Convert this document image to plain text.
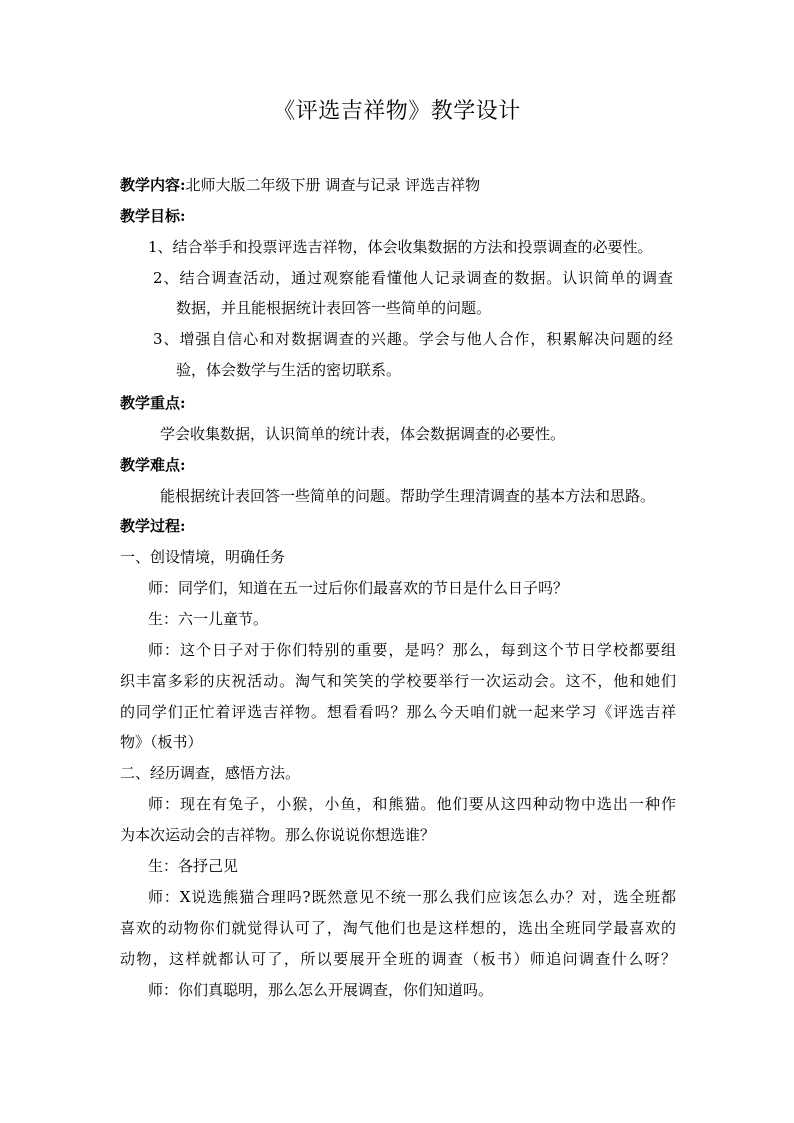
《评选吉祥物》教学设计
教学内容:北师大版二年级下册 调查与记录 评选吉祥物
教学目标:
1、结合举手和投票评选吉祥物，体会收集数据的方法和投票调查的必要性。
2、结合调查活动，通过观察能看懂他人记录调查的数据。认识简单的调查
数据，并且能根据统计表回答一些简单的问题。
3、增强自信心和对数据调查的兴趣。学会与他人合作，积累解决问题的经
验，体会数学与生活的密切联系。
教学重点:
学会收集数据，认识简单的统计表，体会数据调查的必要性。
教学难点:
能根据统计表回答一些简单的问题。帮助学生理清调查的基本方法和思路。
教学过程:
一、创设情境，明确任务
师：同学们，知道在五一过后你们最喜欢的节日是什么日子吗？
生：六一儿童节。
师：这个日子对于你们特别的重要，是吗？那么，每到这个节日学校都要组
织丰富多彩的庆祝活动。淘气和笑笑的学校要举行一次运动会。这不，他和她们
的同学们正忙着评选吉祥物。想看看吗？那么今天咱们就一起来学习《评选吉祥
物》（板书）
二、经历调查，感悟方法。
师：现在有兔子，小猴，小鱼，和熊猫。他们要从这四种动物中选出一种作
为本次运动会的吉祥物。那么你说说你想选谁？
生：各抒己见
师：X说选熊猫合理吗?既然意见不统一那么我们应该怎么办？对，选全班都
喜欢的动物你们就觉得认可了，淘气他们也是这样想的，选出全班同学最喜欢的
动物，这样就都认可了，所以要展开全班的调查（板书）师追问调查什么呀？
师：你们真聪明，那么怎么开展调查，你们知道吗。
